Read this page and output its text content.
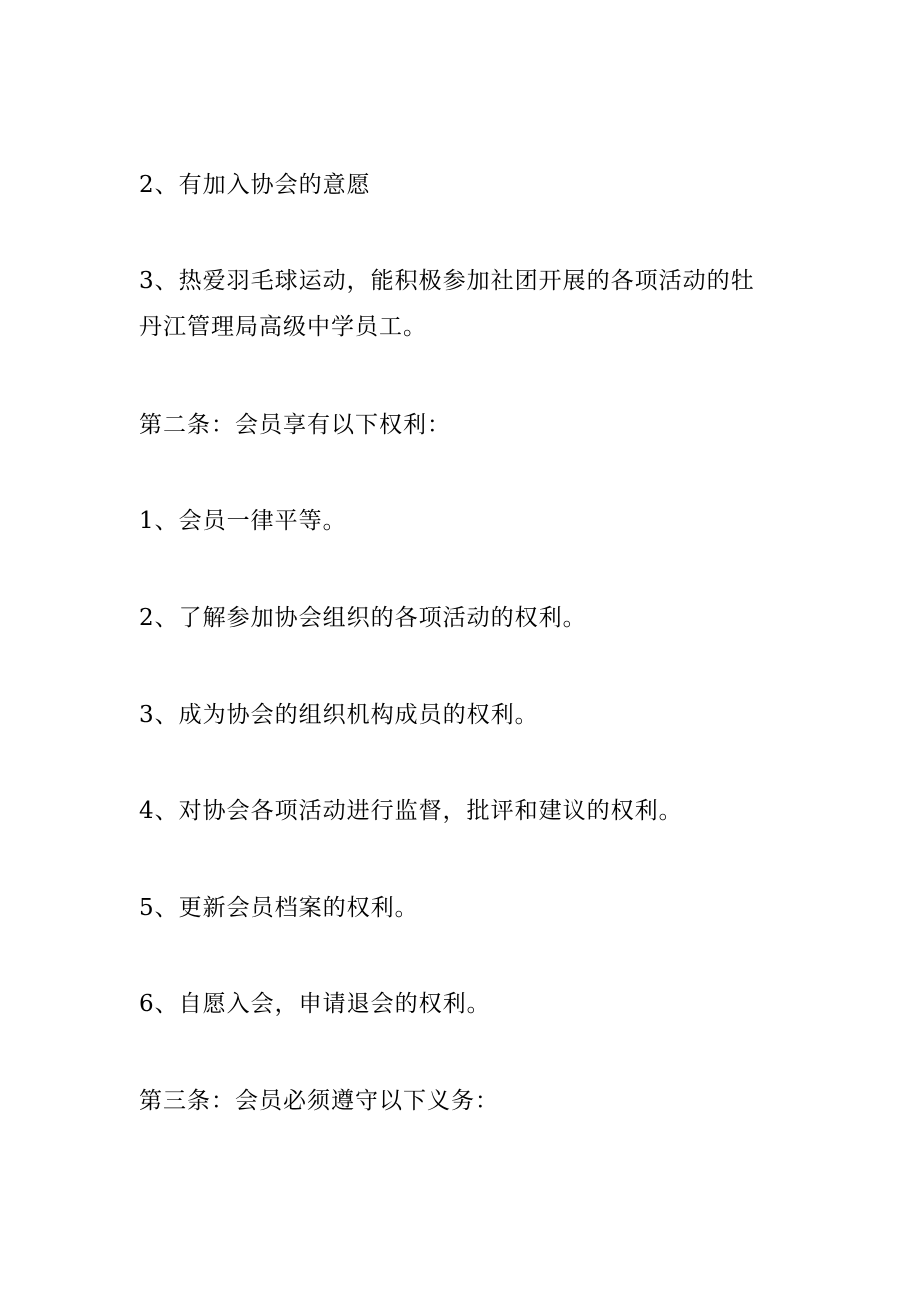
2、有加入协会的意愿

3、热爱羽毛球运动，能积极参加社团开展的各项活动的牡
丹江管理局高级中学员工。

第二条：会员享有以下权利：

1、会员一律平等。

2、了解参加协会组织的各项活动的权利。

3、成为协会的组织机构成员的权利。

4、对协会各项活动进行监督，批评和建议的权利。

5、更新会员档案的权利。

6、自愿入会，申请退会的权利。

第三条：会员必须遵守以下义务：
